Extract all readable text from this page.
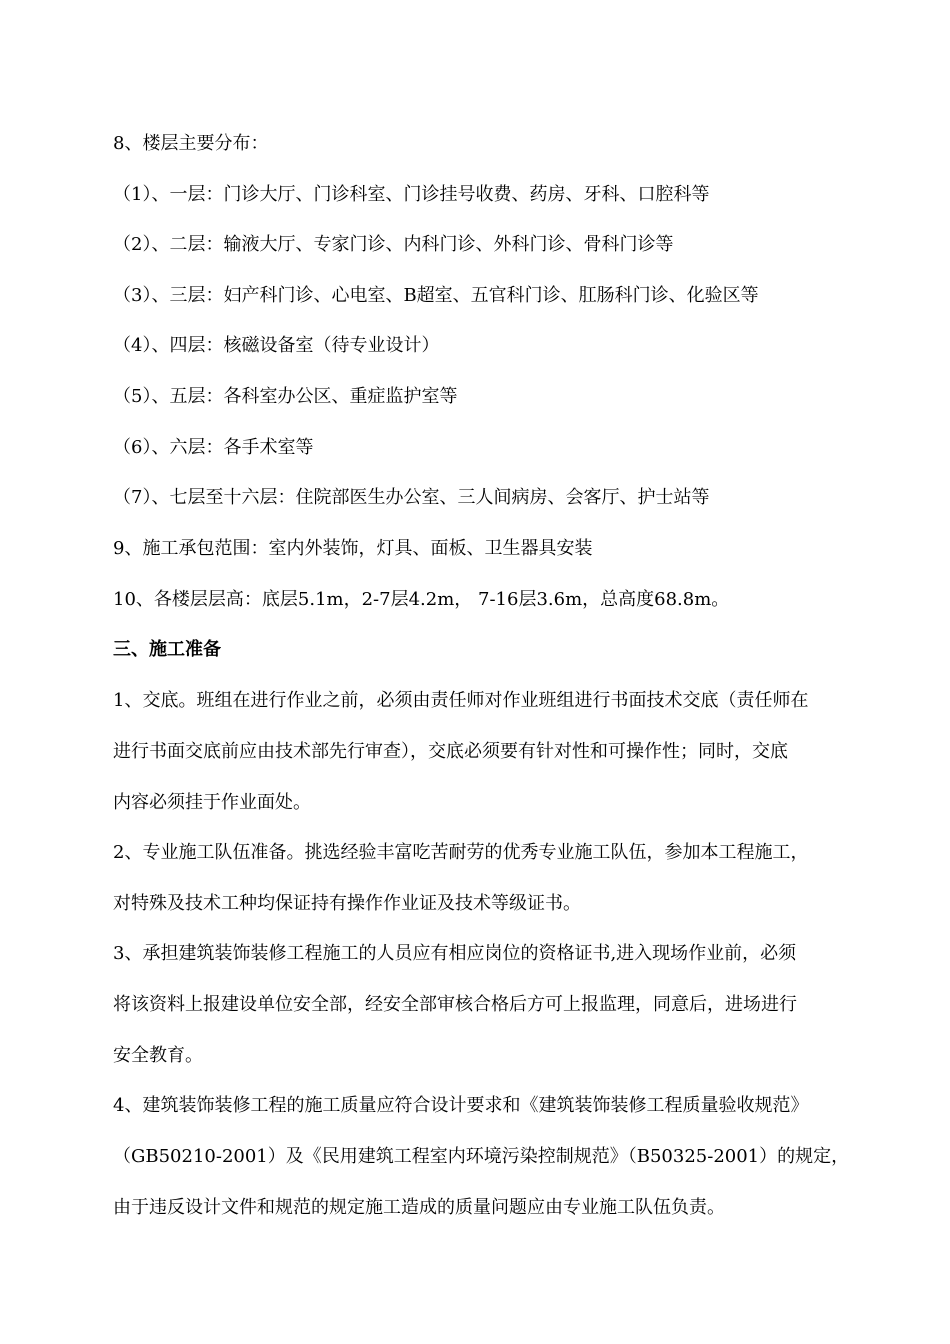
8、楼层主要分布：

（1）、一层：门诊大厅、门诊科室、门诊挂号收费、药房、牙科、口腔科等

（2）、二层：输液大厅、专家门诊、内科门诊、外科门诊、骨科门诊等

（3）、三层：妇产科门诊、心电室、B超室、五官科门诊、肛肠科门诊、化验区等

（4）、四层：核磁设备室（待专业设计）

（5）、五层：各科室办公区、重症监护室等

（6）、六层：各手术室等

（7）、七层至十六层：住院部医生办公室、三人间病房、会客厅、护士站等

9、施工承包范围：室内外装饰，灯具、面板、卫生器具安装

10、各楼层层高：底层5.1m，2-7层4.2m， 7-16层3.6m，总高度68.8m。

三、施工准备

1、交底。班组在进行作业之前，必须由责任师对作业班组进行书面技术交底（责任师在
进行书面交底前应由技术部先行审查），交底必须要有针对性和可操作性；同时，交底
内容必须挂于作业面处。
2、专业施工队伍准备。挑选经验丰富吃苦耐劳的优秀专业施工队伍，参加本工程施工，
对特殊及技术工种均保证持有操作作业证及技术等级证书。
3、承担建筑装饰装修工程施工的人员应有相应岗位的资格证书,进入现场作业前，必须
将该资料上报建设单位安全部，经安全部审核合格后方可上报监理，同意后，进场进行
安全教育。
4、建筑装饰装修工程的施工质量应符合设计要求和《建筑装饰装修工程质量验收规范》
（GB50210-2001）及《民用建筑工程室内环境污染控制规范》（B50325-2001）的规定，
由于违反设计文件和规范的规定施工造成的质量问题应由专业施工队伍负责。
